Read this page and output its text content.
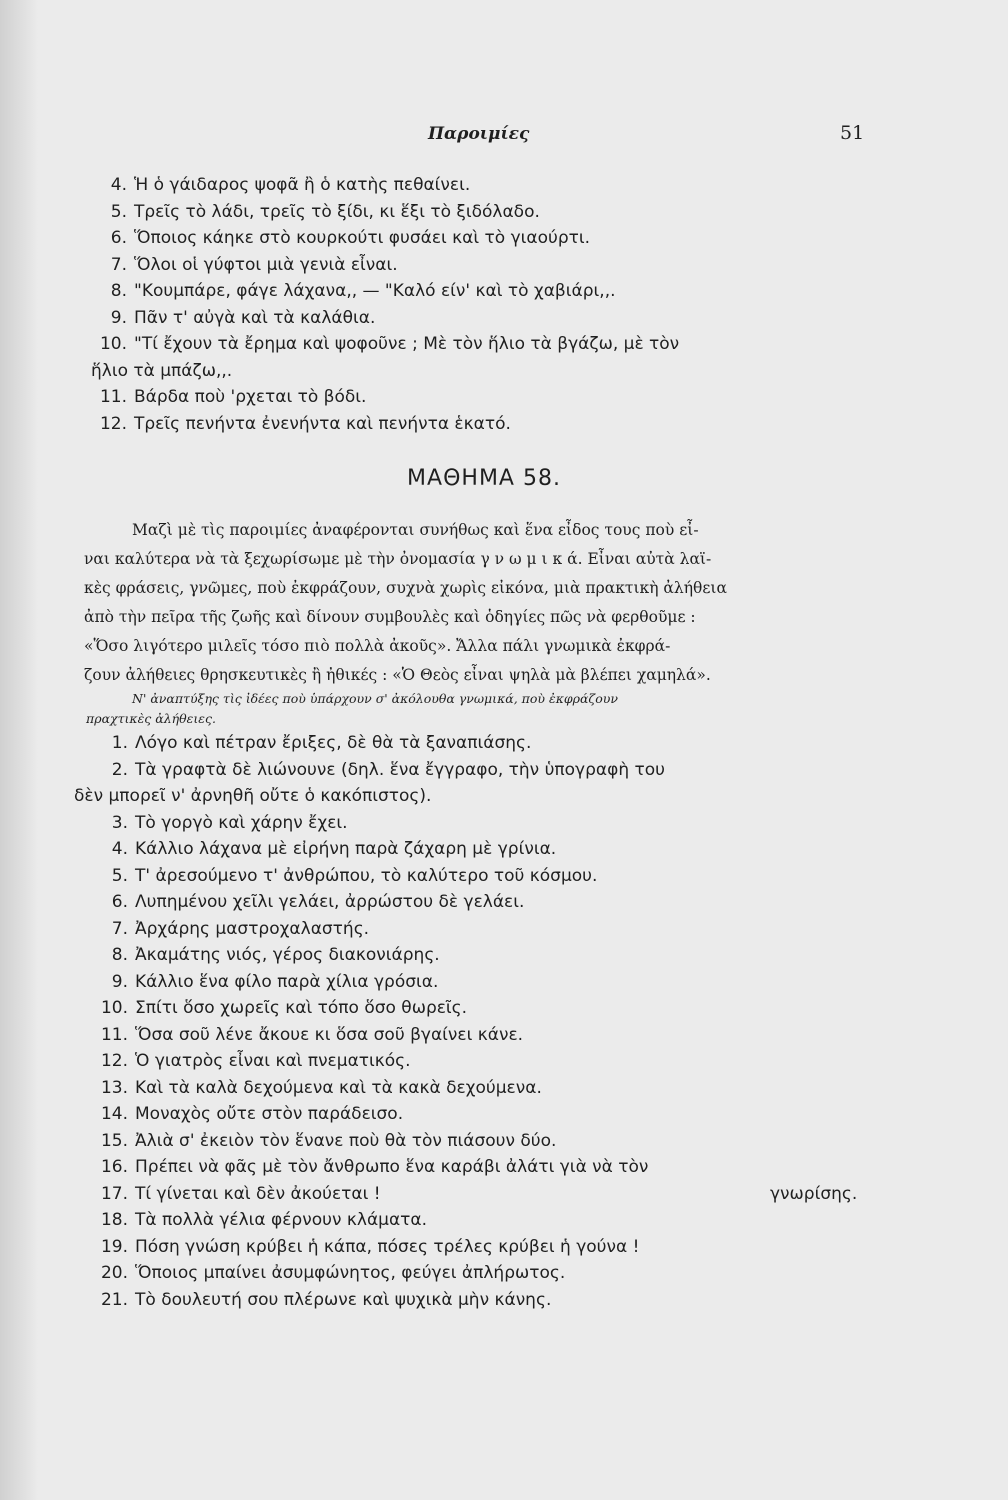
Παροιμίες	51
4. Ἡ ὁ γάιδαρος ψοφᾶ ἢ ὁ κατὴς πεθαίνει.
5. Τρεῖς τὸ λάδι, τρεῖς τὸ ξίδι, κι ἕξι τὸ ξιδόλαδο.
6. Ὅποιος κάηκε στὸ κουρκούτι φυσάει καὶ τὸ γιαούρτι.
7. Ὅλοι οἱ γύφτοι μιὰ γενιὰ εἶναι.
8. "Κουμπάρε, φάγε λάχανα,, — "Καλό είν' καὶ τὸ χαβιάρι,,.
9. Πᾶν τ' αὐγὰ καὶ τὰ καλάθια.
10. "Τί ἔχουν τὰ ἔρημα καὶ ψοφοῦνε ; Μὲ τὸν ἥλιο τὰ βγάζω, μὲ τὸν
ἥλιο τὰ μπάζω,,.
11. Βάρδα ποὺ 'ρχεται τὸ βόδι.
12. Τρεῖς πενήντα ἐνενήντα καὶ πενήντα ἑκατό.
ΜΑΘΗΜΑ 58.
Μαζὶ μὲ τὶς παροιμίες ἀναφέρονται συνήθως καὶ ἕνα εἶδος τους ποὺ εἶ-
ναι καλύτερα νὰ τὰ ξεχωρίσωμε μὲ τὴν ὀνομασία γ ν ω μ ι κ ά. Εἶναι αὐτὰ λαϊ-
κὲς φράσεις, γνῶμες, ποὺ ἐκφράζουν, συχνὰ χωρὶς εἰκόνα, μιὰ πρακτικὴ ἀλήθεια
ἀπὸ τὴν πεῖρα τῆς ζωῆς καὶ δίνουν συμβουλὲς καὶ ὁδηγίες πῶς νὰ φερθοῦμε :
«Ὅσο λιγότερο μιλεῖς τόσο πιὸ πολλὰ ἀκοῦς». Ἄλλα πάλι γνωμικὰ ἐκφρά-
ζουν ἀλήθειες θρησκευτικὲς ἢ ἠθικές : «Ὁ Θεὸς εἶναι ψηλὰ μὰ βλέπει χαμηλά».
Ν' ἀναπτύξης τὶς ἰδέες ποὺ ὑπάρχουν σ' ἀκόλουθα γνωμικά, ποὺ ἐκφράζουν
πραχτικὲς ἀλήθειες.
1. Λόγο καὶ πέτραν ἔριξες, δὲ θὰ τὰ ξαναπιάσης.
2. Τὰ γραφτὰ δὲ λιώνουνε (δηλ. ἕνα ἔγγραφο, τὴν ὑπογραφὴ του
δὲν μπορεῖ ν' ἀρνηθῆ οὔτε ὁ κακόπιστος).
3. Τὸ γοργὸ καὶ χάρην ἔχει.
4. Κάλλιο λάχανα μὲ εἰρήνη παρὰ ζάχαρη μὲ γρίνια.
5. Τ' ἀρεσούμενο τ' ἀνθρώπου, τὸ καλύτερο τοῦ κόσμου.
6. Λυπημένου χεῖλι γελάει, ἀρρώστου δὲ γελάει.
7. Ἀρχάρης μαστροχαλαστής.
8. Ἀκαμάτης νιός, γέρος διακονιάρης.
9. Κάλλιο ἕνα φίλο παρὰ χίλια γρόσια.
10. Σπίτι ὅσο χωρεῖς καὶ τόπο ὅσο θωρεῖς.
11. Ὅσα σοῦ λένε ἄκουε κι ὅσα σοῦ βγαίνει κάνε.
12. Ὁ γιατρὸς εἶναι καὶ πνεματικός.
13. Καὶ τὰ καλὰ δεχούμενα καὶ τὰ κακὰ δεχούμενα.
14. Μοναχὸς οὔτε στὸν παράδεισο.
15. Ἀλιὰ σ' ἐκειὸν τὸν ἕνανε ποὺ θὰ τὸν πιάσουν δύο.
16. Πρέπει νὰ φᾶς μὲ τὸν ἄνθρωπο ἕνα καράβι ἀλάτι γιὰ νὰ τὸν
17. Τί γίνεται καὶ δὲν ἀκούεται !	γνωρίσης.
18. Τὰ πολλὰ γέλια φέρνουν κλάματα.
19. Πόση γνώση κρύβει ἡ κάπα, πόσες τρέλες κρύβει ἡ γούνα !
20. Ὅποιος μπαίνει ἀσυμφώνητος, φεύγει ἀπλήρωτος.
21. Τὸ δουλευτή σου πλέρωνε καὶ ψυχικὰ μὴν κάνης.
